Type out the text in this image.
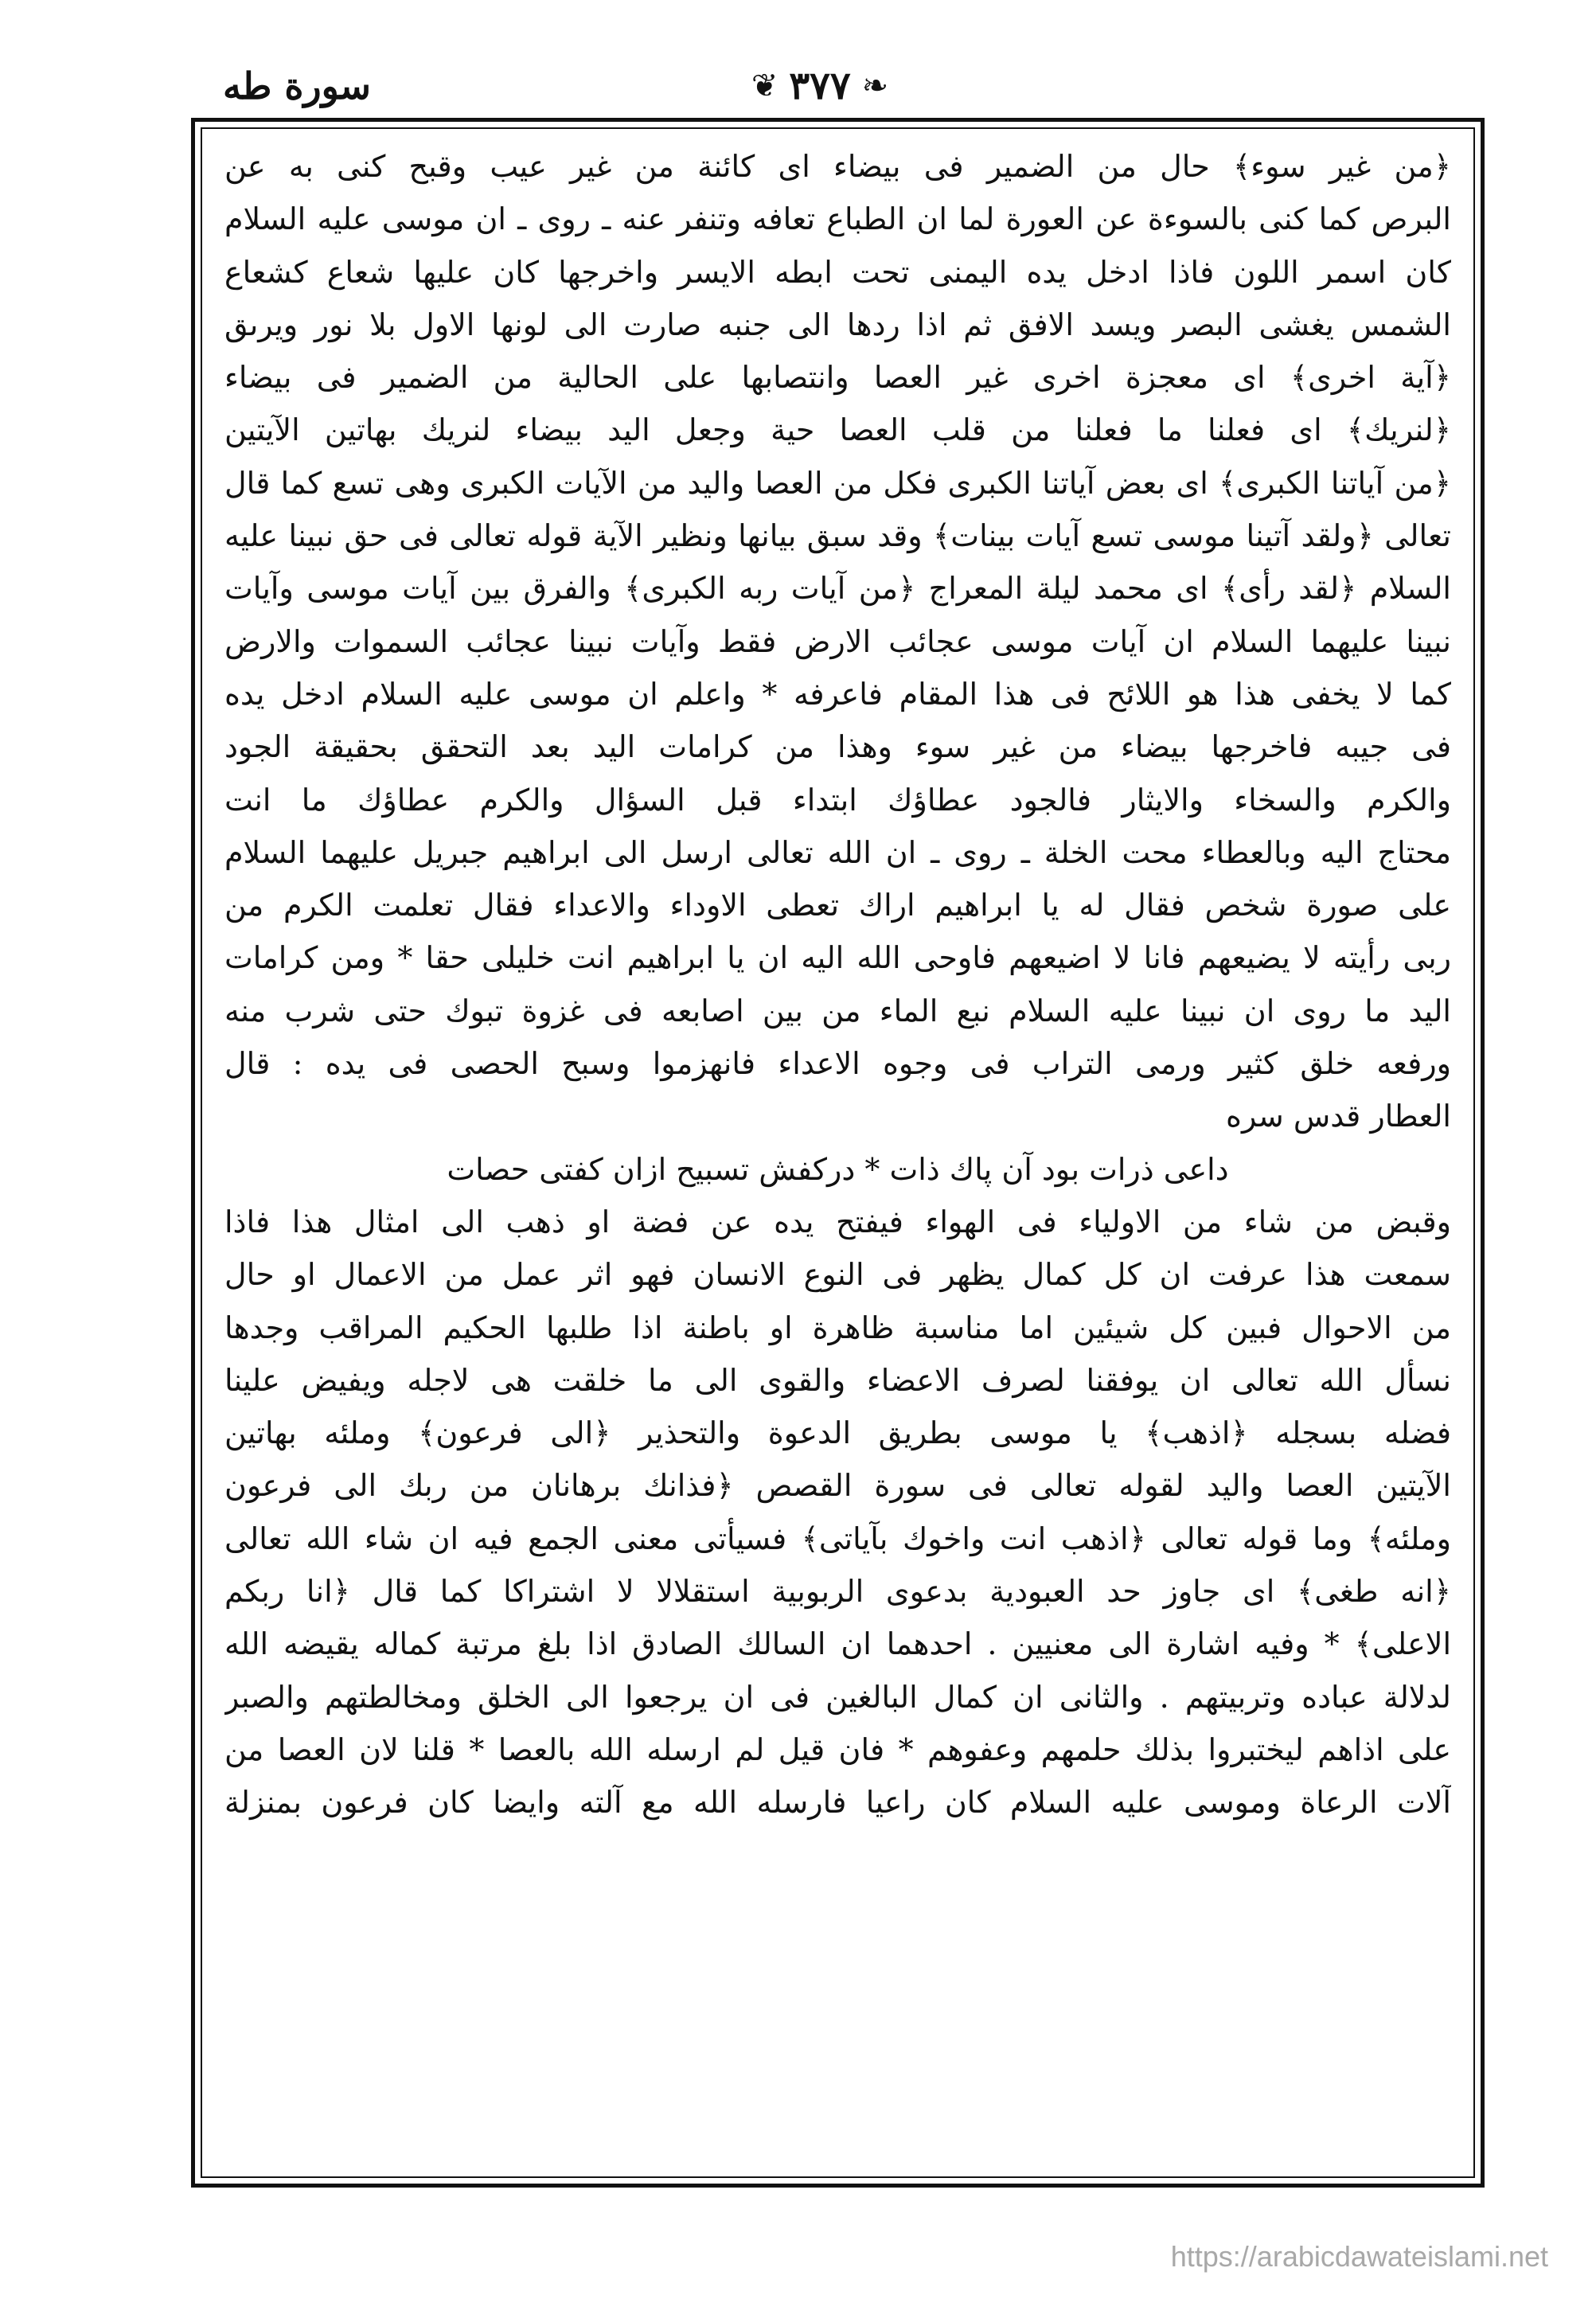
سورة طه	❦ ٣٧٧ ❧
﴿من غير سوء﴾ حال من الضمير فى بيضاء اى كائنة من غير عيب وقبح كنى به عن
البرص كما كنى بالسوءة عن العورة لما ان الطباع تعافه وتنفر عنه ـ روى ـ ان موسى عليه السلام
كان اسمر اللون فاذا ادخل يده اليمنى تحت ابطه الايسر واخرجها كان عليها شعاع كشعاع
الشمس يغشى البصر ويسد الافق ثم اذا ردها الى جنبه صارت الى لونها الاول بلا نور ويرىق
﴿آية اخرى﴾ اى معجزة اخرى غير العصا وانتصابها على الحالية من الضمير فى بيضاء
﴿لنريك﴾ اى فعلنا ما فعلنا من قلب العصا حية وجعل اليد بيضاء لنريك بهاتين الآيتين
﴿من آياتنا الكبرى﴾ اى بعض آياتنا الكبرى فكل من العصا واليد من الآيات الكبرى وهى تسع كما قال
تعالى ﴿ولقد آتينا موسى تسع آيات بينات﴾ وقد سبق بيانها ونظير الآية قوله تعالى فى حق نبينا عليه
السلام ﴿لقد رأى﴾ اى محمد ليلة المعراج ﴿من آيات ربه الكبرى﴾ والفرق بين آيات موسى وآيات
نبينا عليهما السلام ان آيات موسى عجائب الارض فقط وآيات نبينا عجائب السموات والارض
كما لا يخفى هذا هو اللائح فى هذا المقام فاعرفه * واعلم ان موسى عليه السلام ادخل يده
فى جيبه فاخرجها بيضاء من غير سوء وهذا من كرامات اليد بعد التحقق بحقيقة الجود
والكرم والسخاء والايثار فالجود عطاؤك ابتداء قبل السؤال والكرم عطاؤك ما انت
محتاج اليه وبالعطاء محت الخلة ـ روى ـ ان الله تعالى ارسل الى ابراهيم جبريل عليهما السلام
على صورة شخص فقال له يا ابراهيم اراك تعطى الاوداء والاعداء فقال تعلمت الكرم من
ربى رأيته لا يضيعهم فانا لا اضيعهم فاوحى الله اليه ان يا ابراهيم انت خليلى حقا * ومن كرامات
اليد ما روى ان نبينا عليه السلام نبع الماء من بين اصابعه فى غزوة تبوك حتى شرب منه
ورفعه خلق كثير ورمى التراب فى وجوه الاعداء فانهزموا وسبح الحصى فى يده : قال
العطار قدس سره
داعى ذرات بود آن پاك ذات * دركفش تسبيح ازان كفتى حصات
وقبض من شاء من الاولياء فى الهواء فيفتح يده عن فضة او ذهب الى امثال هذا فاذا
سمعت هذا عرفت ان كل كمال يظهر فى النوع الانسان فهو اثر عمل من الاعمال او حال
من الاحوال فبين كل شيئين اما مناسبة ظاهرة او باطنة اذا طلبها الحكيم المراقب وجدها
نسأل الله تعالى ان يوفقنا لصرف الاعضاء والقوى الى ما خلقت هى لاجله ويفيض علينا
فضله بسجله ﴿اذهب﴾ يا موسى بطريق الدعوة والتحذير ﴿الى فرعون﴾ وملئه بهاتين
الآيتين العصا واليد لقوله تعالى فى سورة القصص ﴿فذانك برهانان من ربك الى فرعون
وملئه﴾ وما قوله تعالى ﴿اذهب انت واخوك بآياتى﴾ فسيأتى معنى الجمع فيه ان شاء الله تعالى
﴿انه طغى﴾ اى جاوز حد العبودية بدعوى الربوبية استقلالا لا اشتراكا كما قال ﴿انا ربكم
الاعلى﴾ * وفيه اشارة الى معنيين . احدهما ان السالك الصادق اذا بلغ مرتبة كماله يقيضه الله
لدلالة عباده وتربيتهم . والثانى ان كمال البالغين فى ان يرجعوا الى الخلق ومخالطتهم والصبر
على اذاهم ليختبروا بذلك حلمهم وعفوهم * فان قيل لم ارسله الله بالعصا * قلنا لان العصا من
آلات الرعاة وموسى عليه السلام كان راعيا فارسله الله مع آلته وايضا كان فرعون بمنزلة
https://arabicdawateislami.net
